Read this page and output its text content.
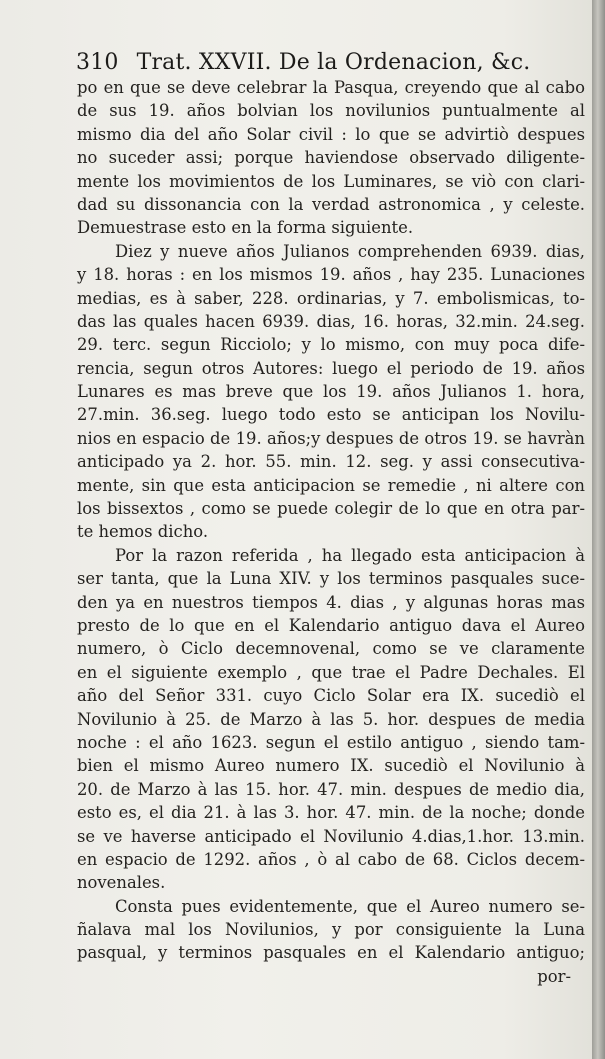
310 Trat. XXVII. De la Ordenacion, &c.
po en que se deve celebrar la Pasqua, creyendo que al cabo
de sus 19. años bolvian los novilunios puntualmente al
mismo dia del año Solar civil : lo que se advirtiò despues
no suceder assi; porque haviendose observado diligente-
mente los movimientos de los Luminares, se viò con clari-
dad su dissonancia con la verdad astronomica , y celeste.
Demuestrase esto en la forma siguiente.
Diez y nueve años Julianos comprehenden 6939. dias,
y 18. horas : en los mismos 19. años , hay 235. Lunaciones
medias, es à saber, 228. ordinarias, y 7. embolismicas, to-
das las quales hacen 6939. dias, 16. horas, 32.min. 24.seg.
29. terc. segun Ricciolo; y lo mismo, con muy poca dife-
rencia, segun otros Autores: luego el periodo de 19. años
Lunares es mas breve que los 19. años Julianos 1. hora,
27.min. 36.seg. luego todo esto se anticipan los Novilu-
nios en espacio de 19. años;y despues de otros 19. se havràn
anticipado ya 2. hor. 55. min. 12. seg. y assi consecutiva-
mente, sin que esta anticipacion se remedie , ni altere con
los bissextos , como se puede colegir de lo que en otra par-
te hemos dicho.
Por la razon referida , ha llegado esta anticipacion à
ser tanta, que la Luna XIV. y los terminos pasquales suce-
den ya en nuestros tiempos 4. dias , y algunas horas mas
presto de lo que en el Kalendario antiguo dava el Aureo
numero, ò Ciclo decemnovenal, como se ve claramente
en el siguiente exemplo , que trae el Padre Dechales. El
año del Señor 331. cuyo Ciclo Solar era IX. sucediò el
Novilunio à 25. de Marzo à las 5. hor. despues de media
noche : el año 1623. segun el estilo antiguo , siendo tam-
bien el mismo Aureo numero IX. sucediò el Novilunio à
20. de Marzo à las 15. hor. 47. min. despues de medio dia,
esto es, el dia 21. à las 3. hor. 47. min. de la noche; donde
se ve haverse anticipado el Novilunio 4.dias,1.hor. 13.min.
en espacio de 1292. años , ò al cabo de 68. Ciclos decem-
novenales.
Consta pues evidentemente, que el Aureo numero se-
ñalava mal los Novilunios, y por consiguiente la Luna
pasqual, y terminos pasquales en el Kalendario antiguo;
por-
